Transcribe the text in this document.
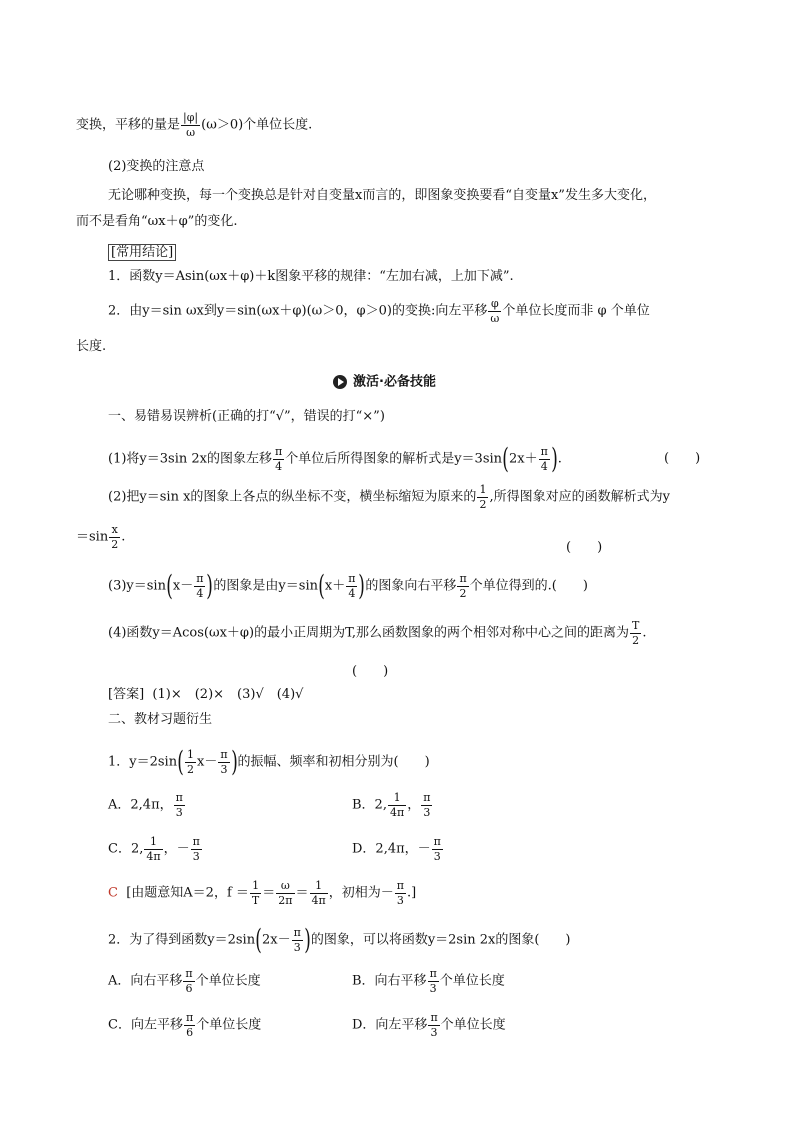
变换，平移的量是 $\frac{|\varphi|}{\omega} (\omega>0)$个单位长度.
(2)变换的注意点
无论哪种变换，每一个变换总是针对自变量x而言的，即图象变换要看“自变量x”发生多大变化，
而不是看角“ωx＋φ”的变化.
[常用结论]
1．函数y＝Asin(ωx＋φ)＋k图象平移的规律：“左加右减，上加下减”.
2．由y＝sin ωx到y＝sin(ωx＋φ)(ω＞0，φ＞0)的变换:向左平移 $\frac{\varphi}{\omega}$ 个单位长度而非 φ 个单位
长度.
激活·必备技能
一、易错易误辨析(正确的打“√”，错误的打“×”)
(1)将y＝3sin 2x的图象左移 $\frac{\pi}{4}$ 个单位后所得图象的解析式是$y=3\sin(2x+ \frac{\pi}{4}$ ).	(　　)
(2)把y＝sin x的图象上各点的纵坐标不变，横坐标缩短为原来的 $\frac{1}{2}$ ,所得图象对应的函数解析式为y
$=\sin \frac{x}{2}$ .
(　　)
$(3)y=\sin(x- \frac{\pi}{4}$ )的图象是由$y=\sin(x+ \frac{\pi}{4}$ )的图象向右平移 $\frac{\pi}{2}$ 个单位得到的.(　　)
(4)函数y＝Acos(ωx＋φ)的最小正周期为T,那么函数图象的两个相邻对称中心之间的距离为 $\frac{T}{2}$ .
(　　)
[答案] (1)×　(2)×　(3)√　(4)√
二、教材习题衍生
1．$y=2\sin( \frac{1}{2} x- \frac{\pi}{3}$ )的振幅、频率和初相分别为(　　)
A．2,4π， $\frac{\pi}{3}$	B．2, $\frac{1}{4\pi}$ ， $\frac{\pi}{3}$
C．2, $\frac{1}{4\pi}$ ，－ $\frac{\pi}{3}$	D．2,4π，－ $\frac{\pi}{3}$
C [由题意知A＝2，$f = \frac{1}{T} = \frac{\omega}{2\pi} = \frac{1}{4\pi}$ ，初相为－ $\frac{\pi}{3}$ .]
2．为了得到函数$y=2\sin(2x- \frac{\pi}{3}$ )的图象，可以将函数y＝2sin 2x的图象(　　)
A．向右平移 $\frac{\pi}{6}$ 个单位长度	B．向右平移 $\frac{\pi}{3}$ 个单位长度
C．向左平移 $\frac{\pi}{6}$ 个单位长度	D．向左平移 $\frac{\pi}{3}$ 个单位长度
